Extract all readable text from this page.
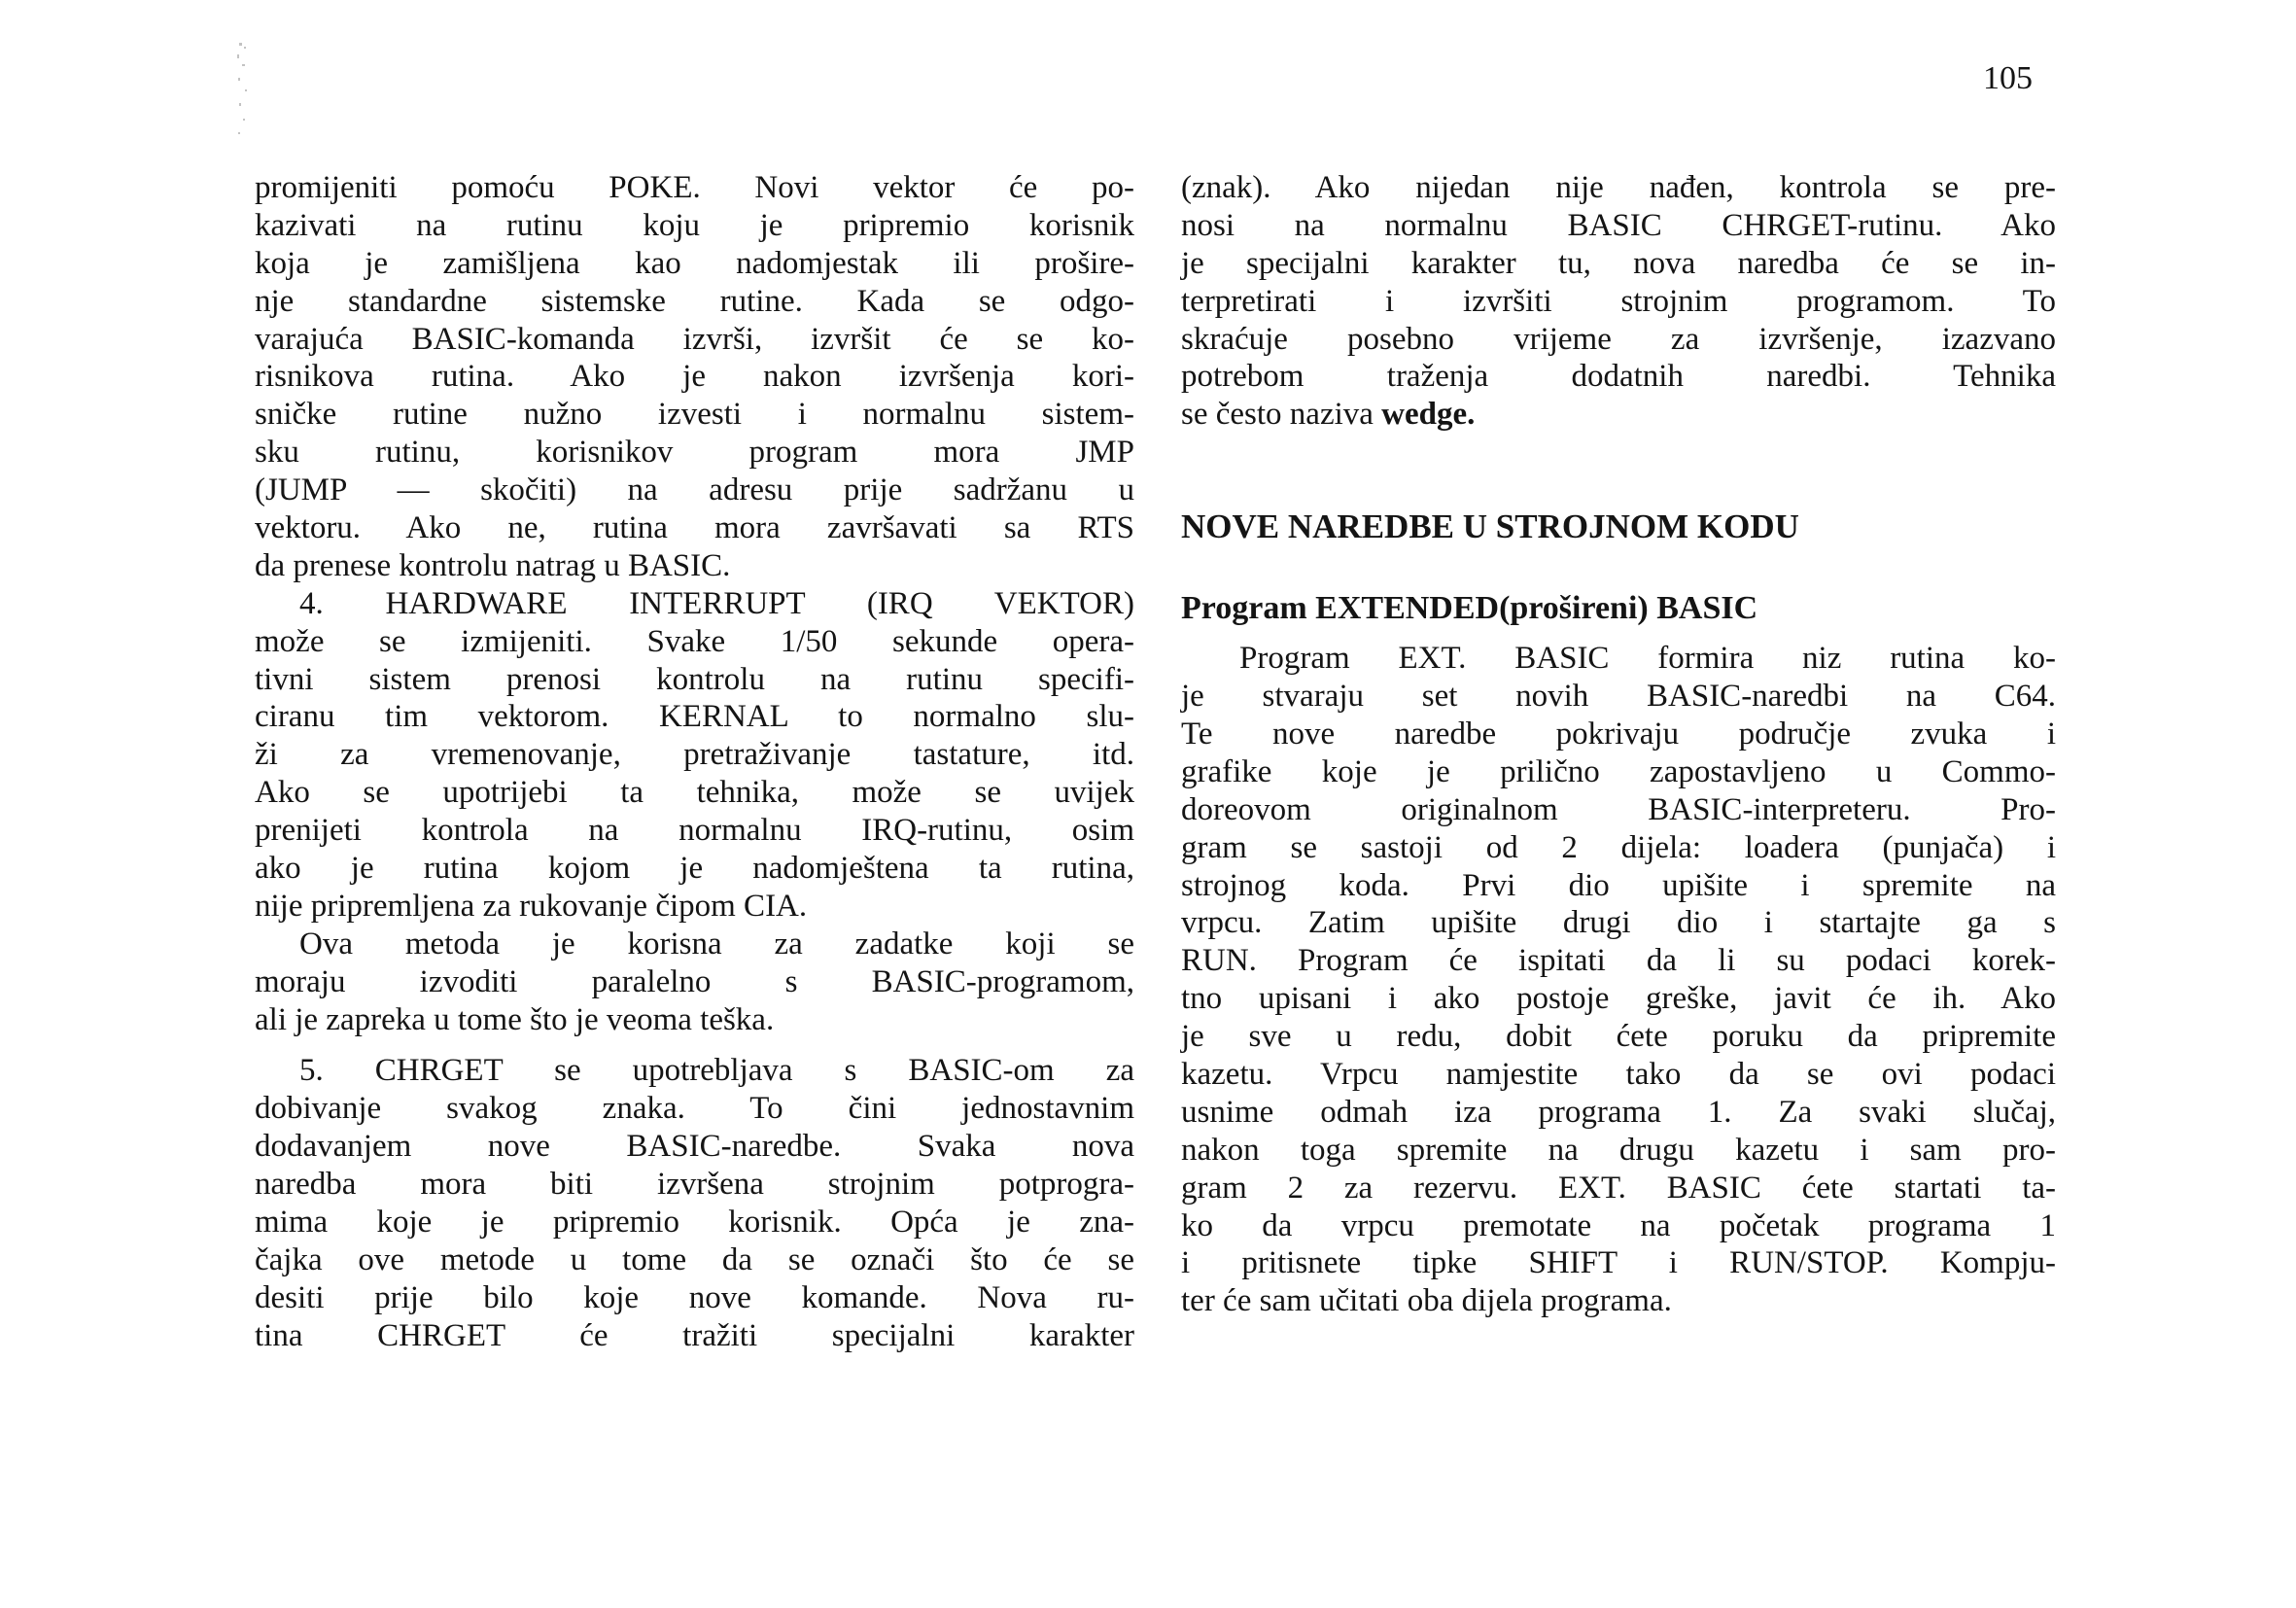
105
promijeniti pomoću POKE. Novi vektor će po-
kazivati na rutinu koju je pripremio korisnik
koja je zamišljena kao nadomjestak ili prošire-
nje standardne sistemske rutine. Kada se odgo-
varajuća BASIC-komanda izvrši, izvršit će se ko-
risnikova rutina. Ako je nakon izvršenja kori-
sničke rutine nužno izvesti i normalnu sistem-
sku rutinu, korisnikov program mora JMP
(JUMP — skočiti) na adresu prije sadržanu u
vektoru. Ako ne, rutina mora završavati sa RTS
da prenese kontrolu natrag u BASIC.
4. HARDWARE INTERRUPT (IRQ VEKTOR)
može se izmijeniti. Svake 1/50 sekunde opera-
tivni sistem prenosi kontrolu na rutinu specifi-
ciranu tim vektorom. KERNAL to normalno slu-
ži za vremenovanje, pretraživanje tastature, itd.
Ako se upotrijebi ta tehnika, može se uvijek
prenijeti kontrola na normalnu IRQ-rutinu, osim
ako je rutina kojom je nadomještena ta rutina,
nije pripremljena za rukovanje čipom CIA.
Ova metoda je korisna za zadatke koji se
moraju izvoditi paralelno s BASIC-programom,
ali je zapreka u tome što je veoma teška.
5. CHRGET se upotrebljava s BASIC-om za
dobivanje svakog znaka. To čini jednostavnim
dodavanjem nove BASIC-naredbe. Svaka nova
naredba mora biti izvršena strojnim potprogra-
mima koje je pripremio korisnik. Opća je zna-
čajka ove metode u tome da se označi što će se
desiti prije bilo koje nove komande. Nova ru-
tina CHRGET će tražiti specijalni karakter
(znak). Ako nijedan nije nađen, kontrola se pre-
nosi na normalnu BASIC CHRGET-rutinu. Ako
je specijalni karakter tu, nova naredba će se in-
terpretirati i izvršiti strojnim programom. To
skraćuje posebno vrijeme za izvršenje, izazvano
potrebom traženja dodatnih naredbi. Tehnika
se često naziva wedge.
NOVE NAREDBE U STROJNOM KODU
Program EXTENDED(prošireni) BASIC
Program EXT. BASIC formira niz rutina ko-
je stvaraju set novih BASIC-naredbi na C64.
Te nove naredbe pokrivaju područje zvuka i
grafike koje je prilično zapostavljeno u Commo-
doreovom originalnom BASIC-interpreteru. Pro-
gram se sastoji od 2 dijela: loadera (punjača) i
strojnog koda. Prvi dio upišite i spremite na
vrpcu. Zatim upišite drugi dio i startajte ga s
RUN. Program će ispitati da li su podaci korek-
tno upisani i ako postoje greške, javit će ih. Ako
je sve u redu, dobit ćete poruku da pripremite
kazetu. Vrpcu namjestite tako da se ovi podaci
usnime odmah iza programa 1. Za svaki slučaj,
nakon toga spremite na drugu kazetu i sam pro-
gram 2 za rezervu. EXT. BASIC ćete startati ta-
ko da vrpcu premotate na početak programa 1
i pritisnete tipke SHIFT i RUN/STOP. Kompju-
ter će sam učitati oba dijela programa.
